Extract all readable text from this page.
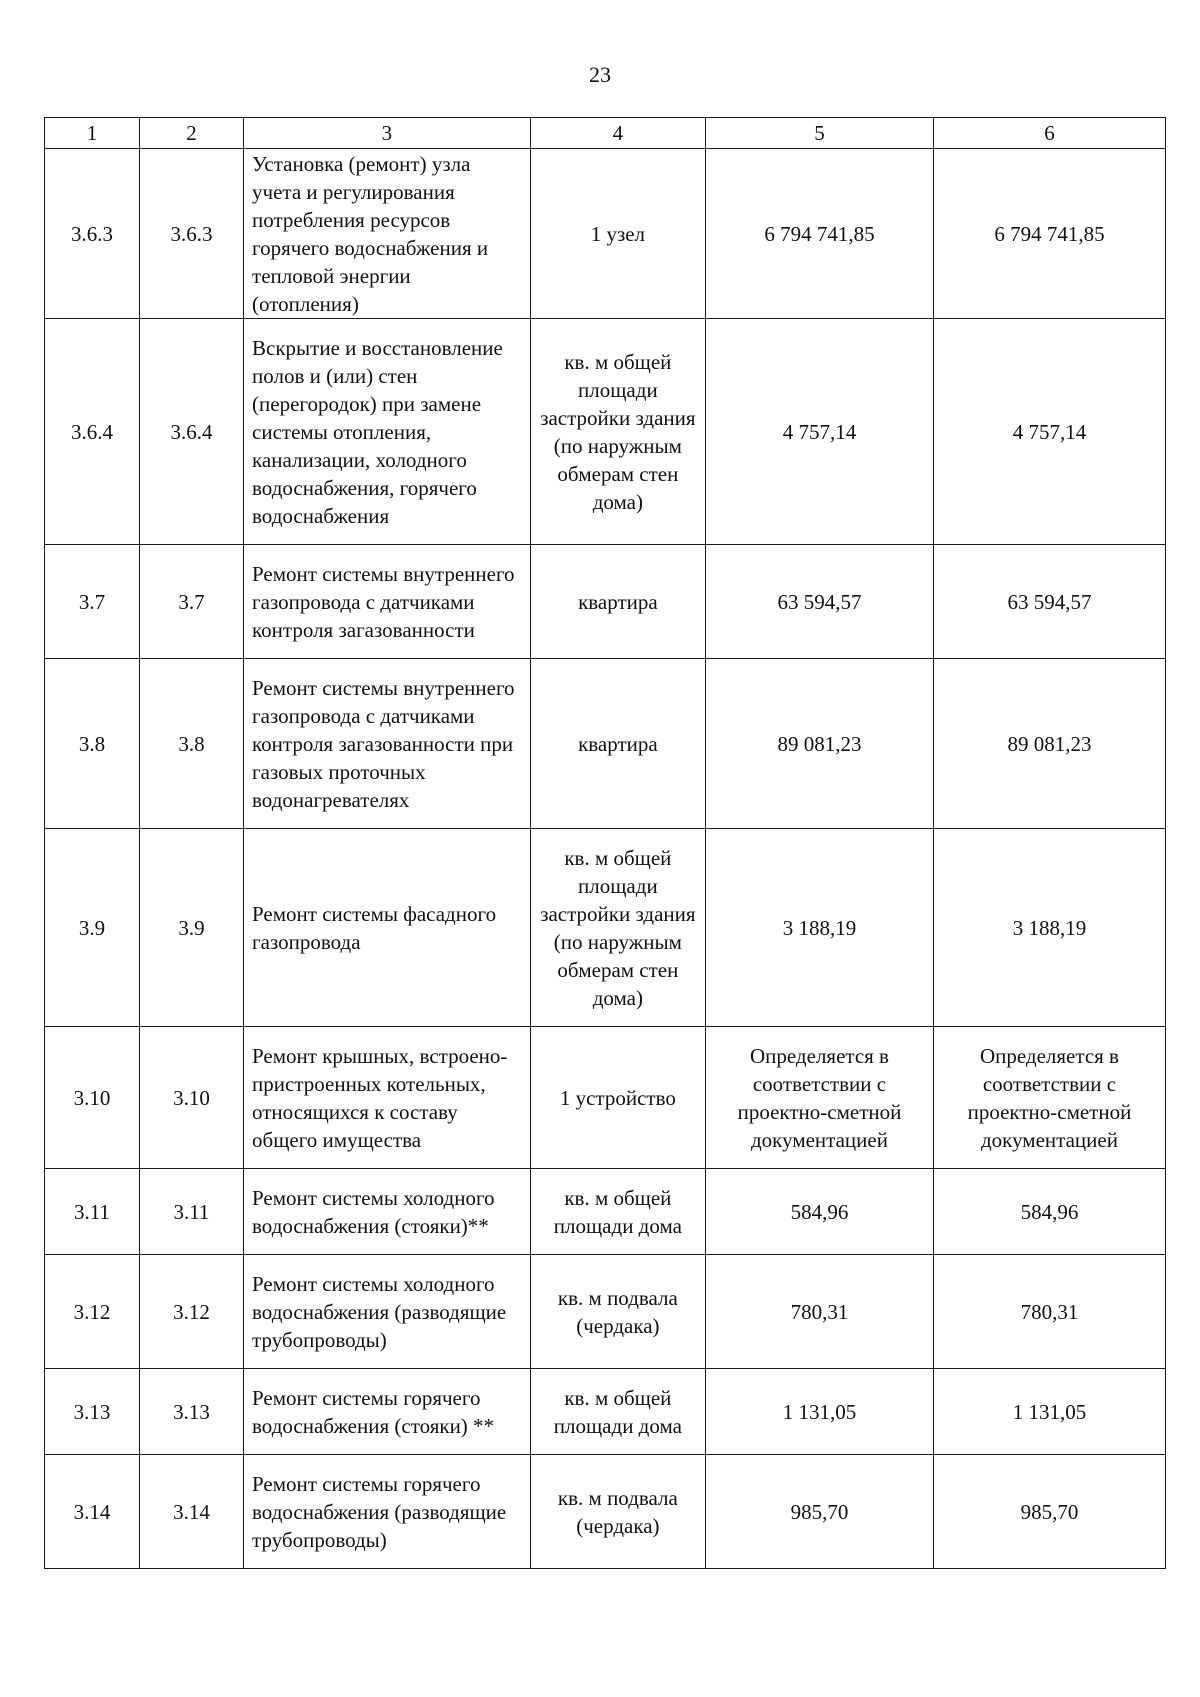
23
1	2	3	4	5	6
3.6.3	3.6.3	Установка (ремонт) узла учета и регулирования потребления ресурсов горячего водоснабжения и тепловой энергии (отопления)	1 узел	6 794 741,85	6 794 741,85
3.6.4	3.6.4	Вскрытие и восстановление полов и (или) стен (перегородок) при замене системы отопления, канализации, холодного водоснабжения, горячего водоснабжения	кв. м общей площади застройки здания (по наружным обмерам стен дома)	4 757,14	4 757,14
3.7	3.7	Ремонт системы внутреннего газопровода с датчиками контроля загазованности	квартира	63 594,57	63 594,57
3.8	3.8	Ремонт системы внутреннего газопровода с датчиками контроля загазованности при газовых проточных водонагревателях	квартира	89 081,23	89 081,23
3.9	3.9	Ремонт системы фасадного газопровода	кв. м общей площади застройки здания (по наружным обмерам стен дома)	3 188,19	3 188,19
3.10	3.10	Ремонт крышных, встроено-пристроенных котельных, относящихся к составу общего имущества	1 устройство	Определяется в соответствии с проектно-сметной документацией	Определяется в соответствии с проектно-сметной документацией
3.11	3.11	Ремонт системы холодного водоснабжения (стояки)**	кв. м общей площади дома	584,96	584,96
3.12	3.12	Ремонт системы холодного водоснабжения (разводящие трубопроводы)	кв. м подвала (чердака)	780,31	780,31
3.13	3.13	Ремонт системы горячего водоснабжения (стояки) **	кв. м общей площади дома	1 131,05	1 131,05
3.14	3.14	Ремонт системы горячего водоснабжения (разводящие трубопроводы)	кв. м подвала (чердака)	985,70	985,70
